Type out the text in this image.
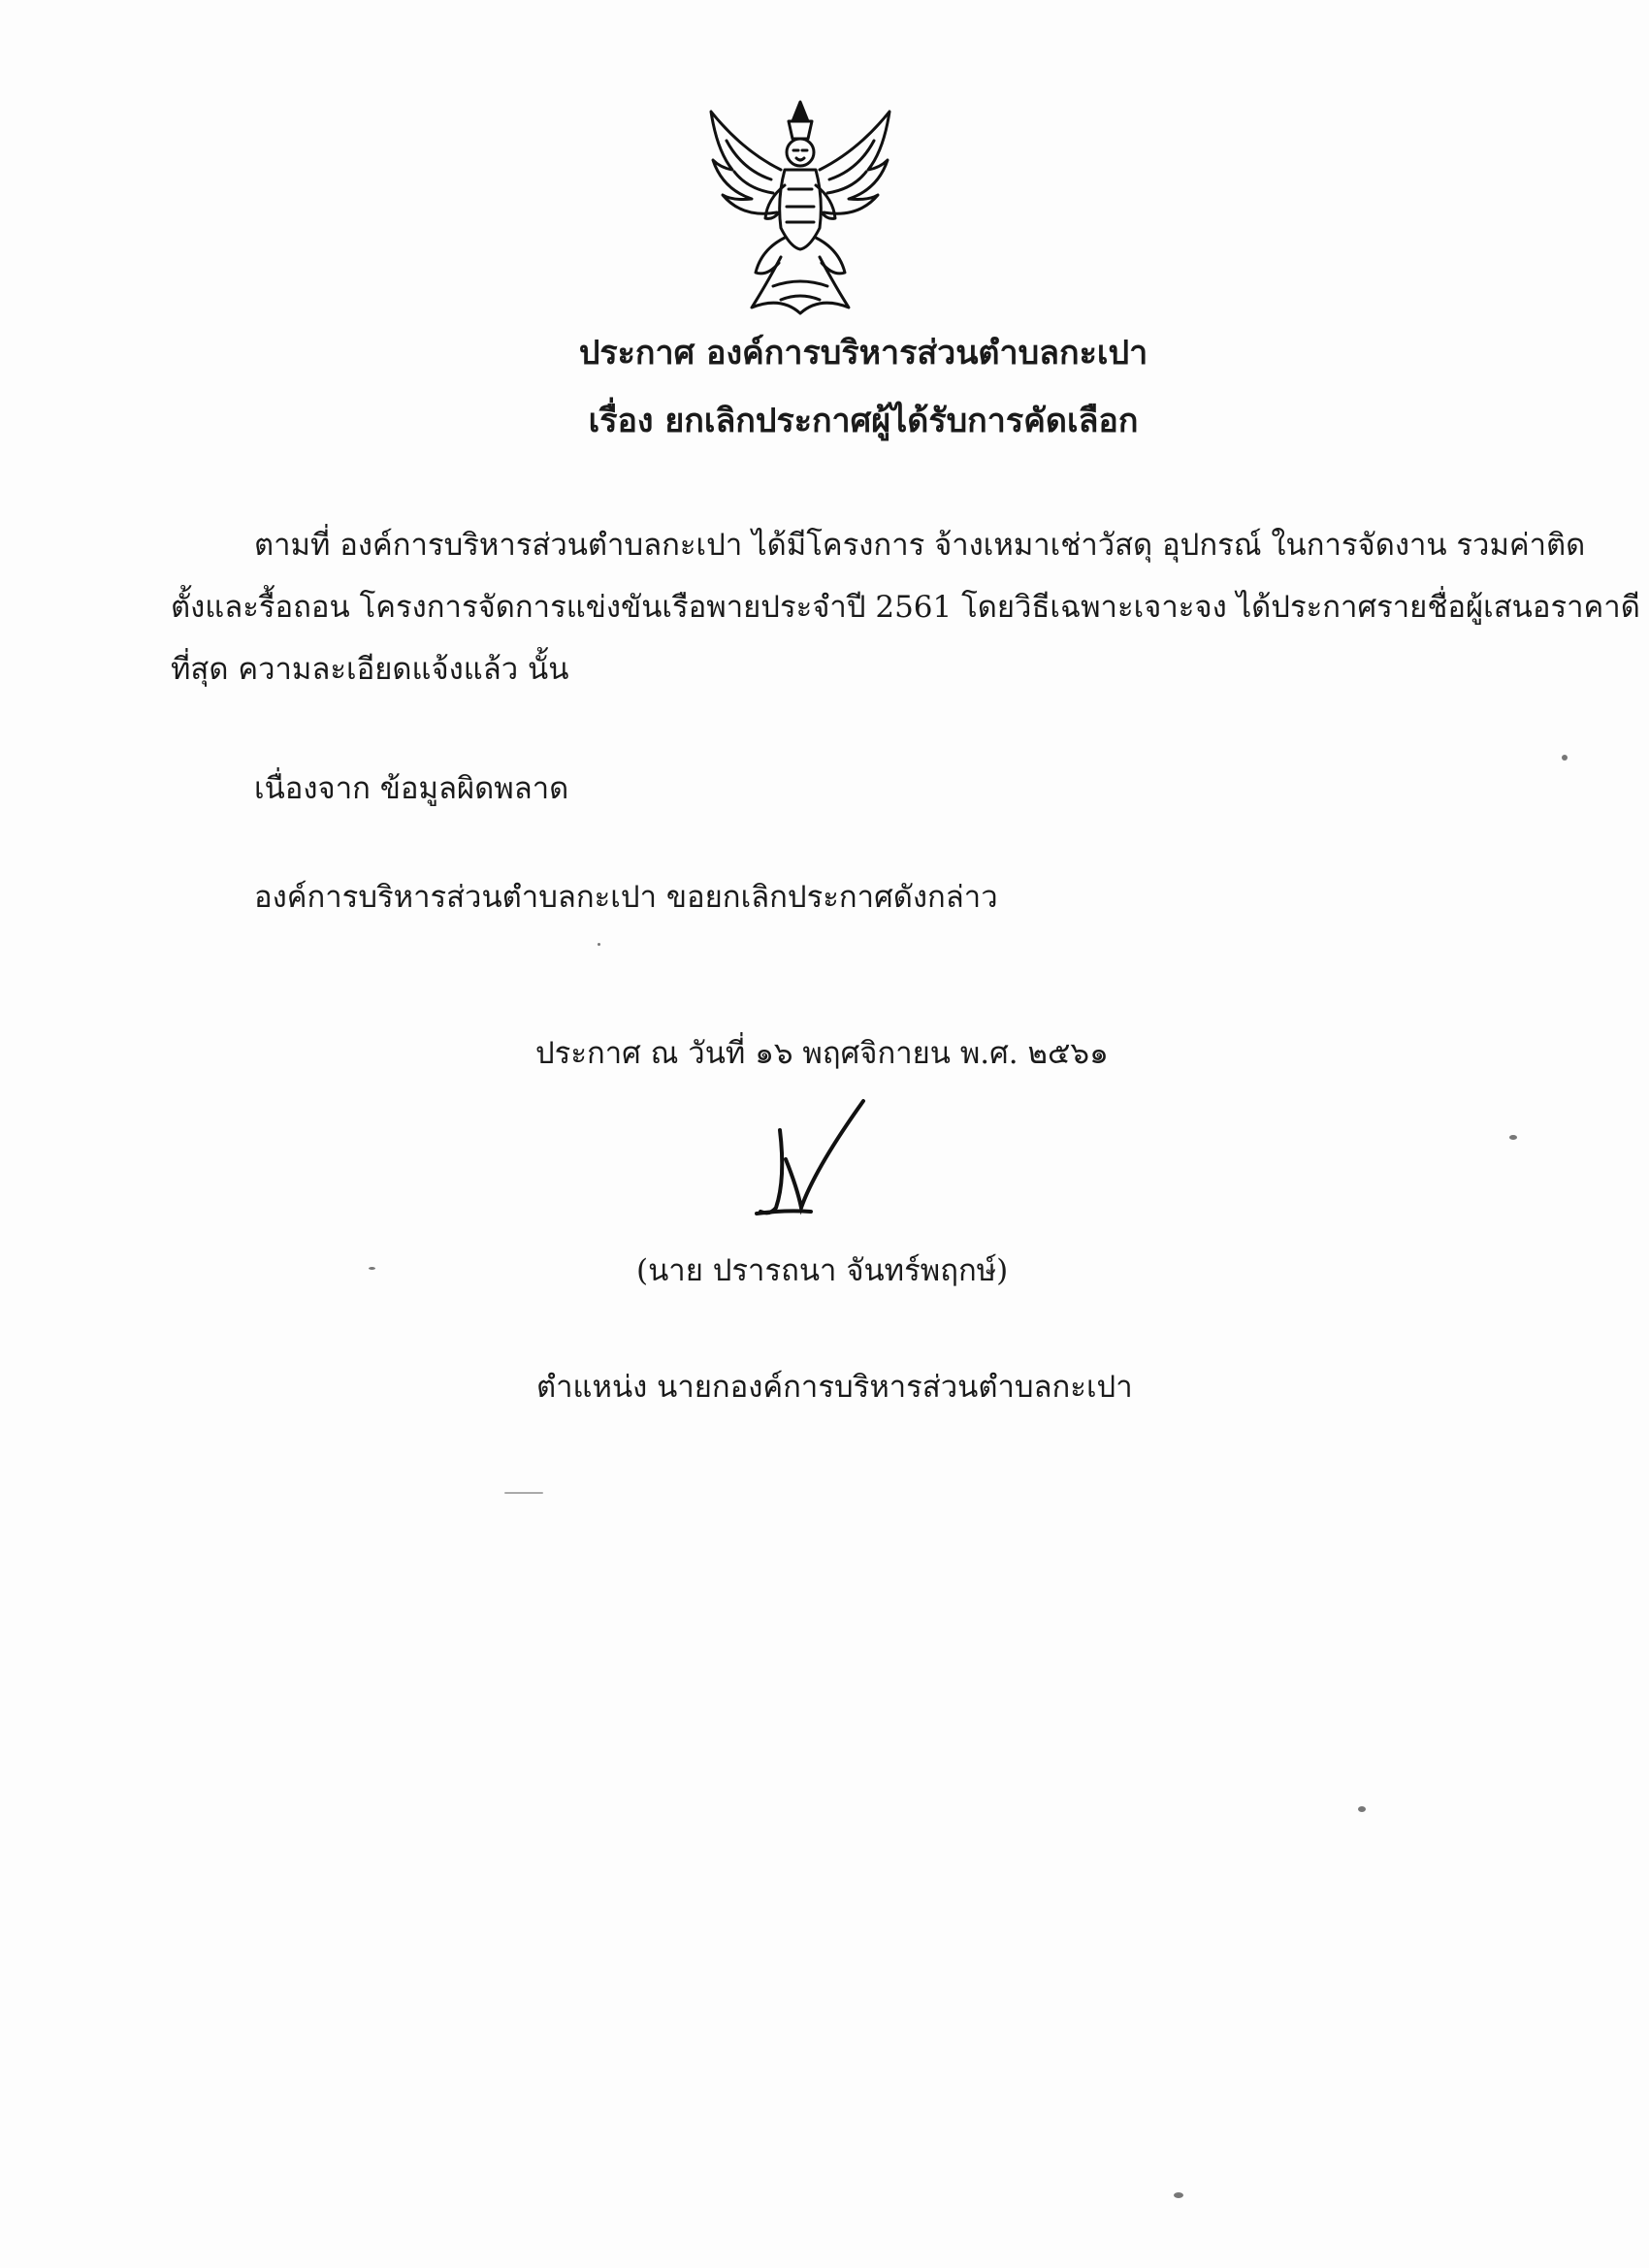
ประกาศ องค์การบริหารส่วนตำบลกะเปา
เรื่อง ยกเลิกประกาศผู้ได้รับการคัดเลือก
ตามที่ องค์การบริหารส่วนตำบลกะเปา ได้มีโครงการ จ้างเหมาเช่าวัสดุ อุปกรณ์ ในการจัดงาน รวมค่าติด
ตั้งและรื้อถอน โครงการจัดการแข่งขันเรือพายประจำปี 2561 โดยวิธีเฉพาะเจาะจง ได้ประกาศรายชื่อผู้เสนอราคาดี
ที่สุด ความละเอียดแจ้งแล้ว นั้น
เนื่องจาก ข้อมูลผิดพลาด
องค์การบริหารส่วนตำบลกะเปา ขอยกเลิกประกาศดังกล่าว
ประกาศ ณ วันที่ ๑๖ พฤศจิกายน พ.ศ. ๒๕๖๑
(นาย ปรารถนา จันทร์พฤกษ์)
ตำแหน่ง นายกองค์การบริหารส่วนตำบลกะเปา
